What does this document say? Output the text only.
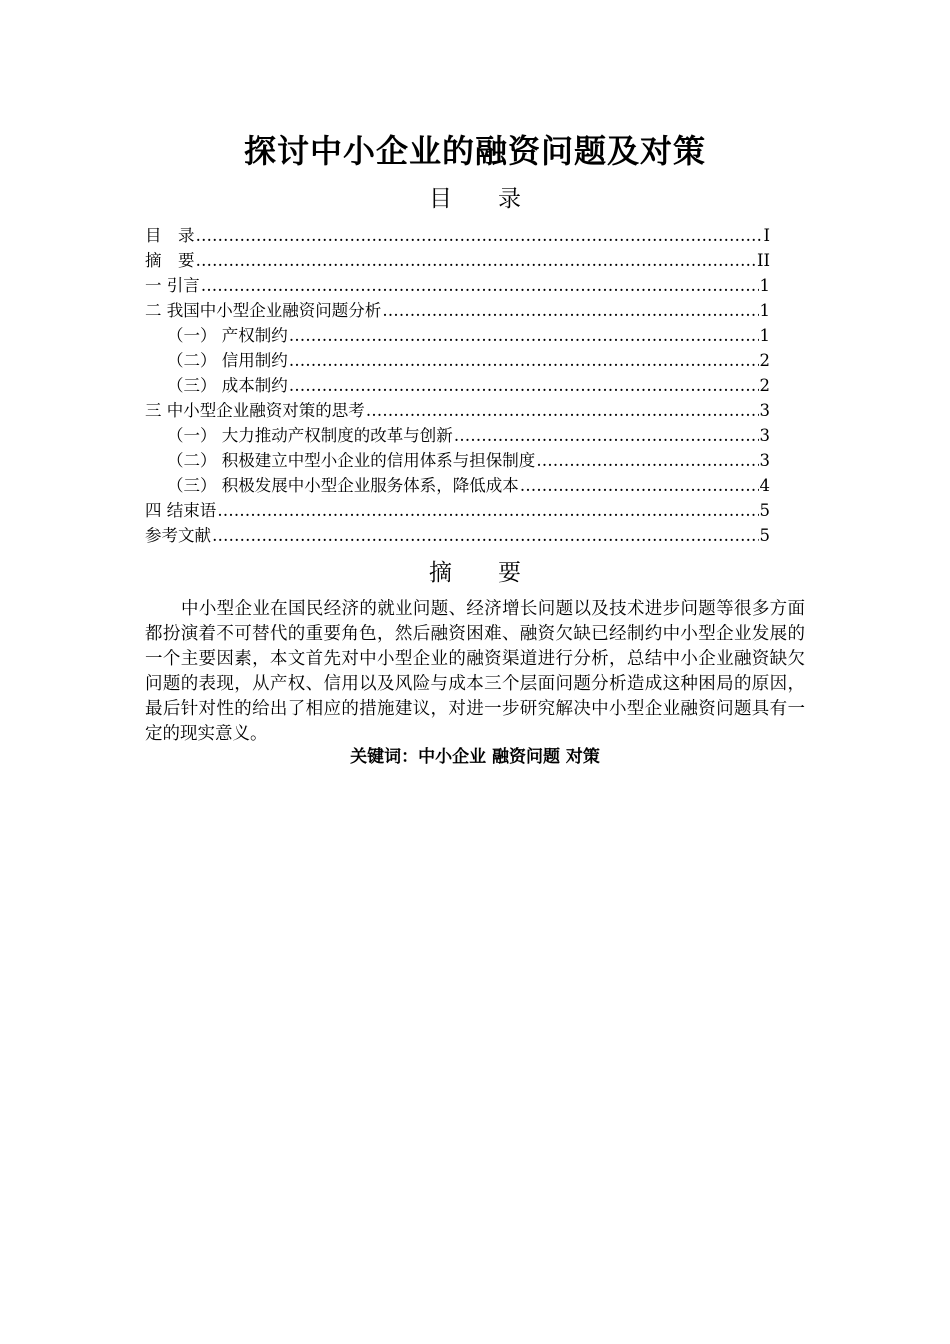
探讨中小企业的融资问题及对策
目　　录
目　录 …………………………………………………………………………………………………………………………………………………………	I
摘　要 …………………………………………………………………………………………………………………………………………………………	II
一 引言 …………………………………………………………………………………………………………………………………………………………	1
二 我国中小型企业融资问题分析 …………………………………………………………………………………………………………………………………………………………	1
（一） 产权制约 …………………………………………………………………………………………………………………………………………………………	1
（二） 信用制约 …………………………………………………………………………………………………………………………………………………………	2
（三） 成本制约 …………………………………………………………………………………………………………………………………………………………	2
三 中小型企业融资对策的思考 …………………………………………………………………………………………………………………………………………………………	3
（一） 大力推动产权制度的改革与创新 …………………………………………………………………………………………………………………………………………………………	3
（二） 积极建立中型小企业的信用体系与担保制度 …………………………………………………………………………………………………………………………………………………………	3
（三） 积极发展中小型企业服务体系，降低成本 …………………………………………………………………………………………………………………………………………………………	4
四 结束语 …………………………………………………………………………………………………………………………………………………………	5
参考文献 …………………………………………………………………………………………………………………………………………………………	5
摘　　要

中小型企业在国民经济的就业问题、经济增长问题以及技术进步问题等很多方面都扮演着不可替代的重要角色，然后融资困难、融资欠缺已经制约中小型企业发展的一个主要因素，本文首先对中小型企业的融资渠道进行分析，总结中小企业融资缺欠问题的表现，从产权、信用以及风险与成本三个层面问题分析造成这种困局的原因，最后针对性的给出了相应的措施建议，对进一步研究解决中小型企业融资问题具有一定的现实意义。

关键词：中小企业 融资问题 对策
